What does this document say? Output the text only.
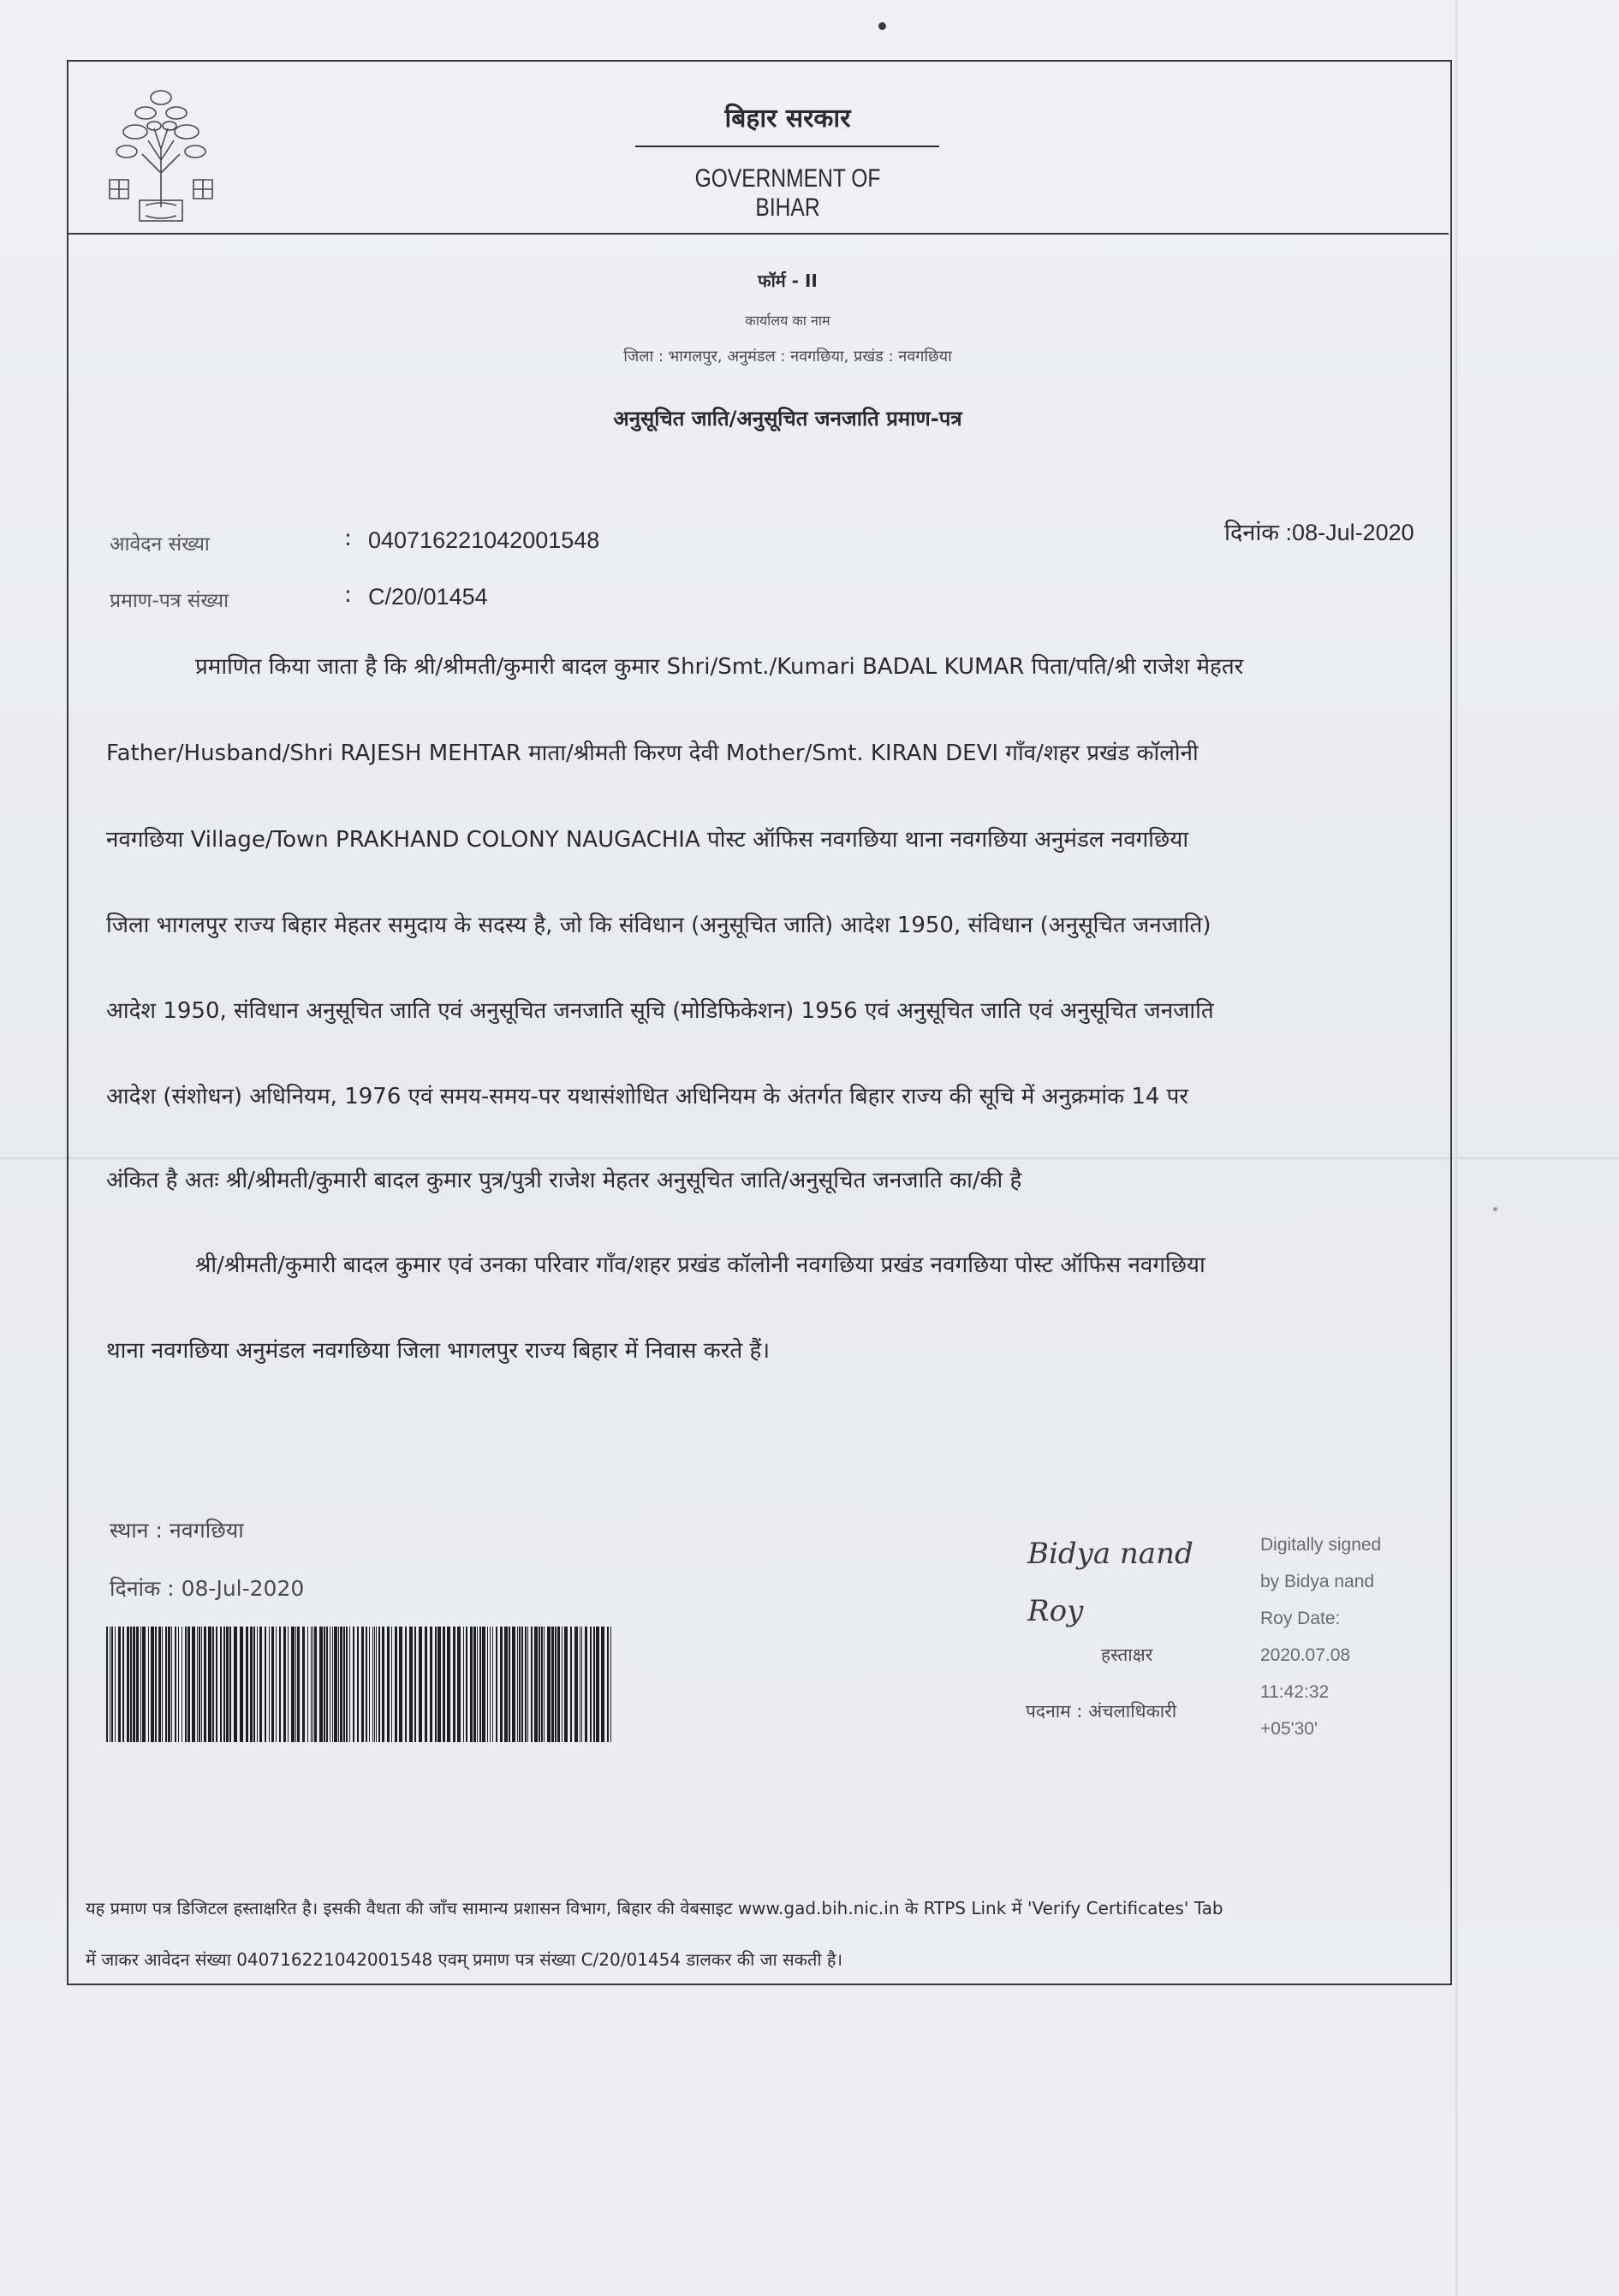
बिहार सरकार
GOVERNMENT OF BIHAR
फॉर्म - II
कार्यालय का नाम
जिला : भागलपुर, अनुमंडल : नवगछिया, प्रखंड : नवगछिया
अनुसूचित जाति/अनुसूचित जनजाति प्रमाण-पत्र
आवेदन संख्या	: 040716221042001548	दिनांक :08-Jul-2020
प्रमाण-पत्र संख्या	: C/20/01454
प्रमाणित किया जाता है कि श्री/श्रीमती/कुमारी बादल कुमार Shri/Smt./Kumari BADAL KUMAR पिता/पति/श्री राजेश मेहतर
Father/Husband/Shri RAJESH MEHTAR माता/श्रीमती किरण देवी Mother/Smt. KIRAN DEVI गाँव/शहर प्रखंड कॉलोनी
नवगछिया Village/Town PRAKHAND COLONY NAUGACHIA पोस्ट ऑफिस नवगछिया थाना नवगछिया अनुमंडल नवगछिया
जिला भागलपुर राज्य बिहार मेहतर समुदाय के सदस्य है, जो कि संविधान (अनुसूचित जाति) आदेश 1950, संविधान (अनुसूचित जनजाति)
आदेश 1950, संविधान अनुसूचित जाति एवं अनुसूचित जनजाति सूचि (मोडिफिकेशन) 1956 एवं अनुसूचित जाति एवं अनुसूचित जनजाति
आदेश (संशोधन) अधिनियम, 1976 एवं समय-समय-पर यथासंशोधित अधिनियम के अंतर्गत बिहार राज्य की सूचि में अनुक्रमांक 14 पर
अंकित है अतः श्री/श्रीमती/कुमारी बादल कुमार पुत्र/पुत्री राजेश मेहतर अनुसूचित जाति/अनुसूचित जनजाति का/की है
श्री/श्रीमती/कुमारी बादल कुमार एवं उनका परिवार गाँव/शहर प्रखंड कॉलोनी नवगछिया प्रखंड नवगछिया पोस्ट ऑफिस नवगछिया
थाना नवगछिया अनुमंडल नवगछिया जिला भागलपुर राज्य बिहार में निवास करते हैं।
स्थान : नवगछिया
दिनांक : 08-Jul-2020
Bidya nand
Roy
हस्ताक्षर
पदनाम : अंचलाधिकारी
Digitally signed
by Bidya nand
Roy Date:
2020.07.08
11:42:32
+05'30'
यह प्रमाण पत्र डिजिटल हस्ताक्षरित है। इसकी वैधता की जाँच सामान्य प्रशासन विभाग, बिहार की वेबसाइट www.gad.bih.nic.in के RTPS Link में 'Verify Certificates' Tab
में जाकर आवेदन संख्या 040716221042001548 एवम् प्रमाण पत्र संख्या C/20/01454 डालकर की जा सकती है।
